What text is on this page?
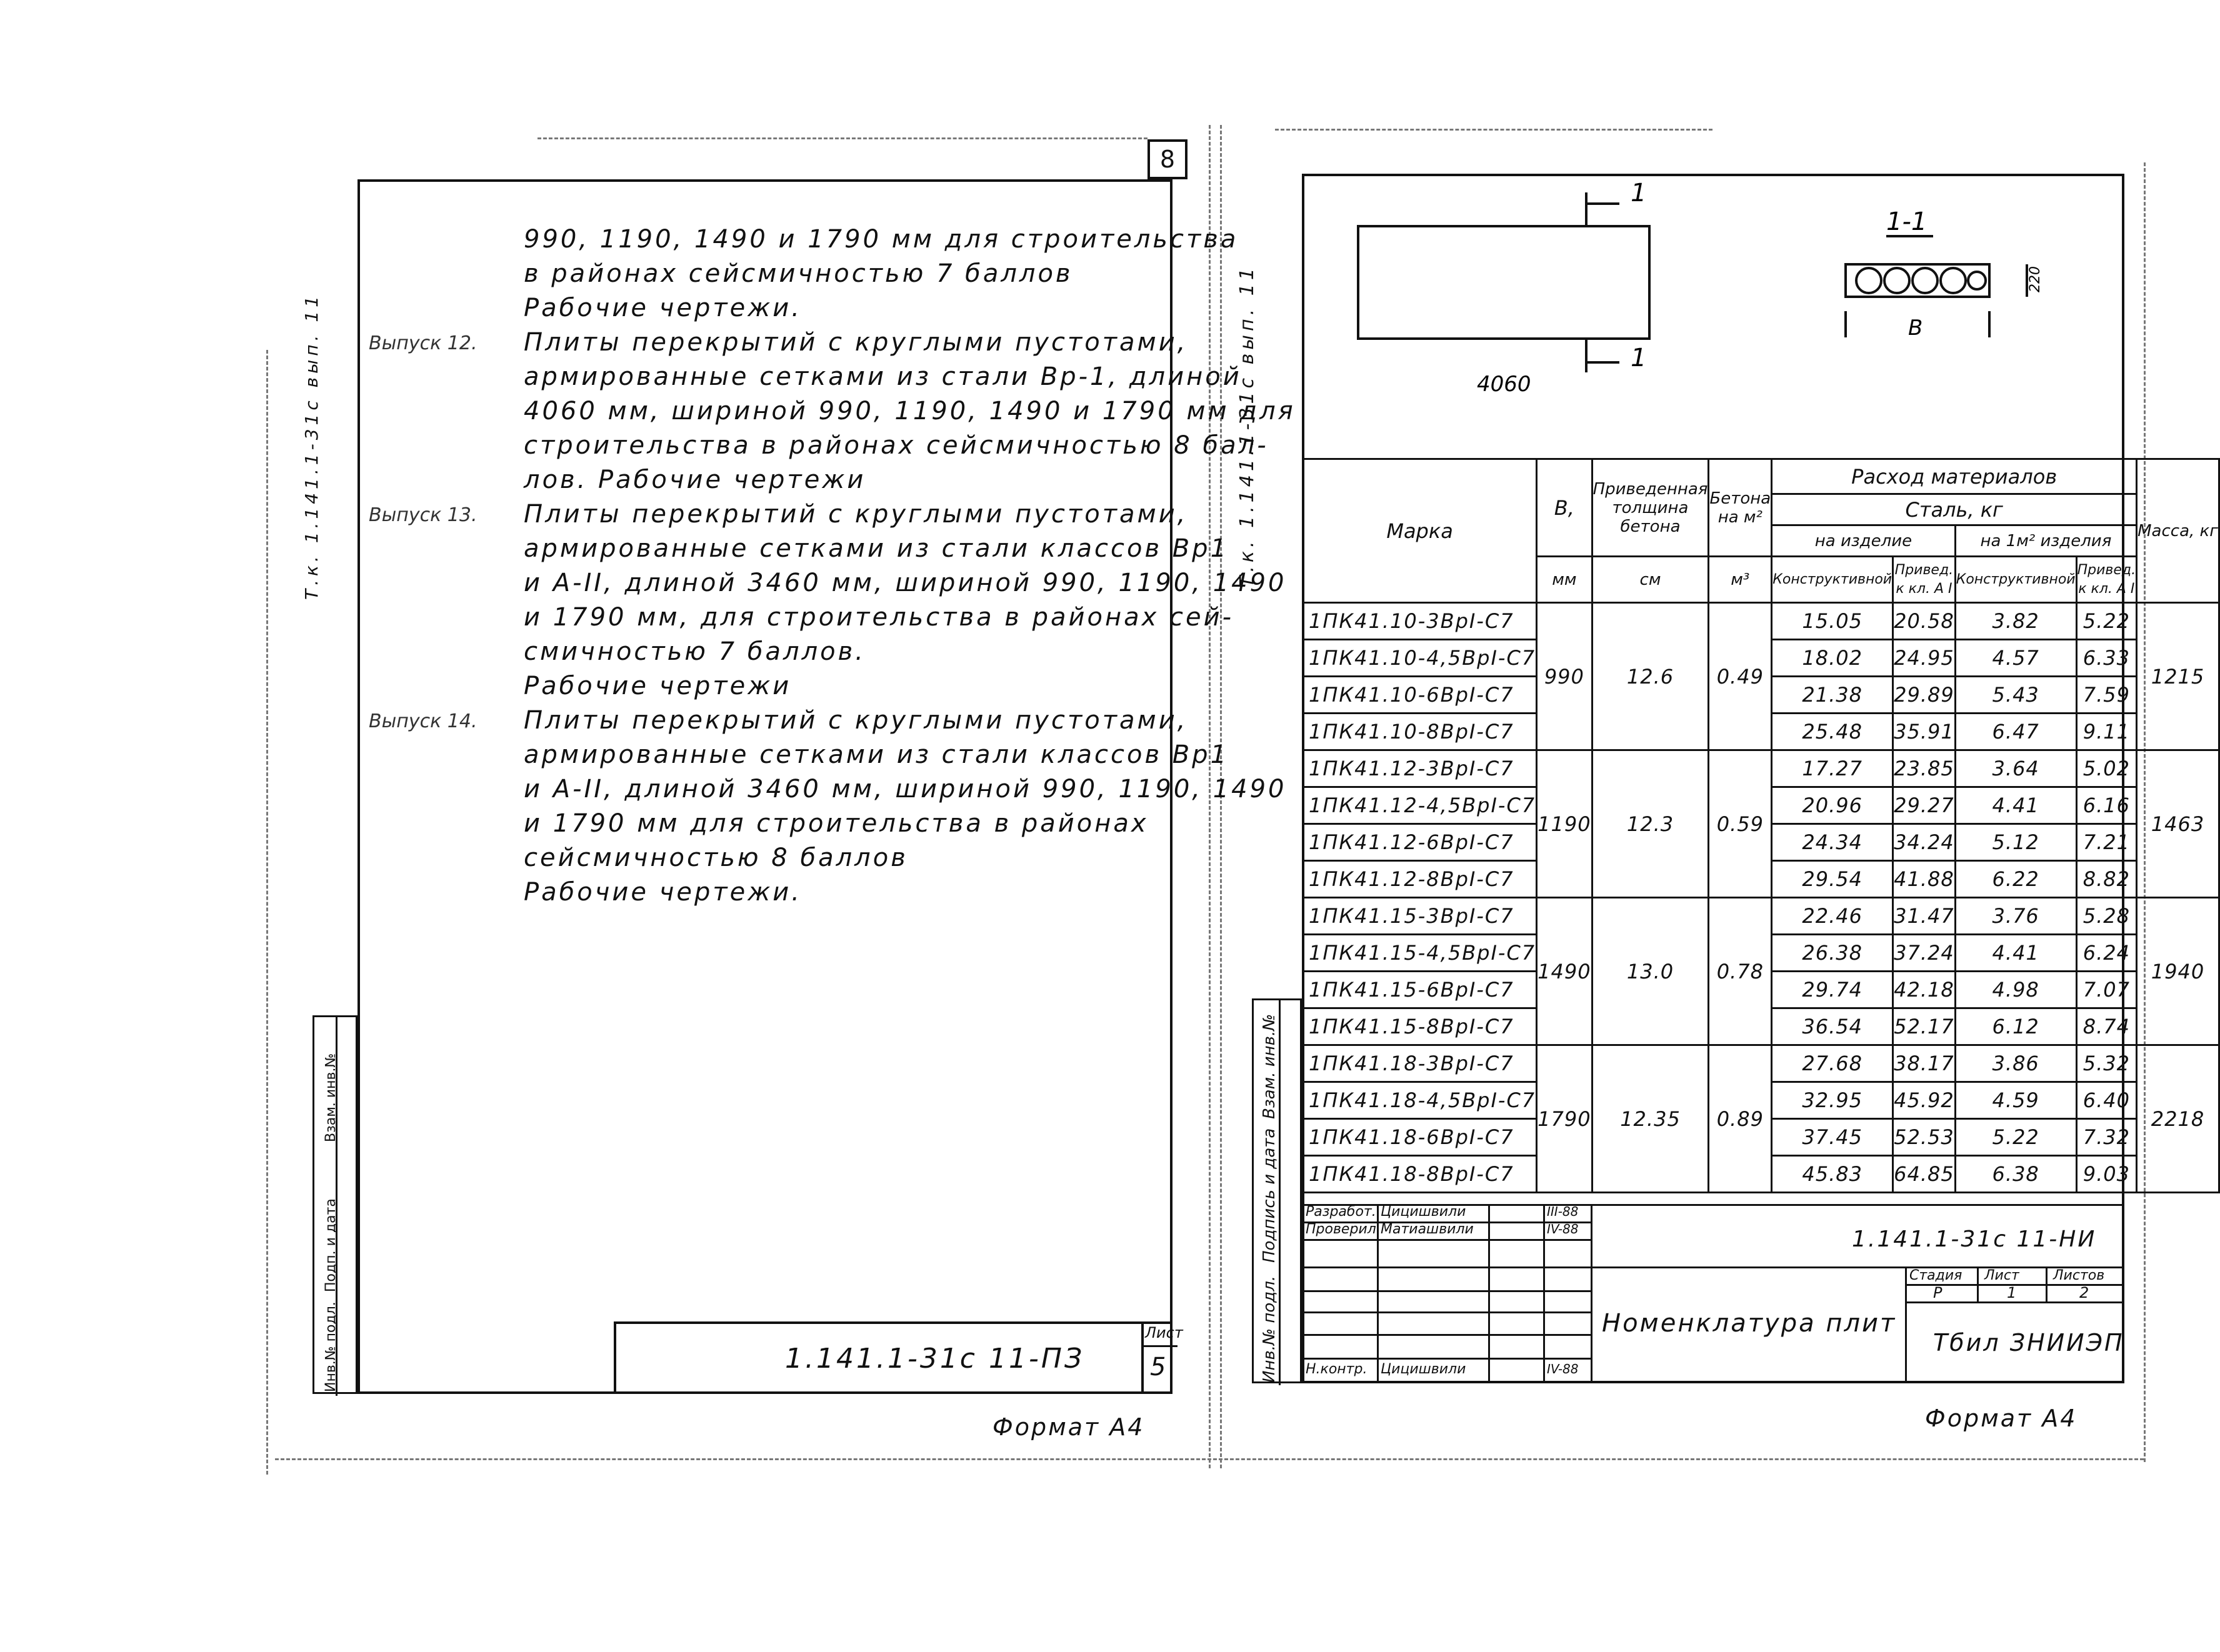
8
Т.к. 1.141.1-31с вып. 11
990, 1190, 1490 и 1790 мм для строительства
в районах сейсмичностью 7 баллов
Рабочие чертежи.
Выпуск 12. Плиты перекрытий с круглыми пустотами,
армированные сетками из стали Вр-1, длиной
4060 мм, шириной 990, 1190, 1490 и 1790 мм для
строительства в районах сейсмичностью 8 бал-
лов. Рабочие чертежи
Выпуск 13. Плиты перекрытий с круглыми пустотами,
армированные сетками из стали классов Вр1
и А-II, длиной 3460 мм, шириной 990, 1190, 1490
и 1790 мм, для строительства в районах сей-
смичностью 7 баллов.
Рабочие чертежи
Выпуск 14. Плиты перекрытий с круглыми пустотами,
армированные сетками из стали классов Вр1
и А-II, длиной 3460 мм, шириной 990, 1190, 1490
и 1790 мм для строительства в районах
сейсмичностью 8 баллов
Рабочие чертежи.
Инв.№ подл.
Подп. и дата
Взам. инв.№
1.141.1-31с 11-ПЗ
Лист
5
Формат А4
Т.к. 1.141.1-31с вып. 11
1
1
4060
1-1
В
220
Марка	В,	Приведенная толщина бетона	Бетона на м²	Расход материалов				Масса, кг
				Сталь, кг				
				на изделие		на 1м² изделия		
	мм	см	м³	Конструктивной	Привед. к кл. А I	Конструктивной	Привед. к кл. А I	
1ПК41.10-3ВрI-С7	990	12.6	0.49	15.05	20.58	3.82	5.22	1215
1ПК41.10-4,5ВрI-С7				18.02	24.95	4.57	6.33	
1ПК41.10-6ВрI-С7				21.38	29.89	5.43	7.59	
1ПК41.10-8ВрI-С7				25.48	35.91	6.47	9.11	
1ПК41.12-3ВрI-С7	1190	12.3	0.59	17.27	23.85	3.64	5.02	1463
1ПК41.12-4,5ВрI-С7				20.96	29.27	4.41	6.16	
1ПК41.12-6ВрI-С7				24.34	34.24	5.12	7.21	
1ПК41.12-8ВрI-С7				29.54	41.88	6.22	8.82	
1ПК41.15-3ВрI-С7	1490	13.0	0.78	22.46	31.47	3.76	5.28	1940
1ПК41.15-4,5ВрI-С7				26.38	37.24	4.41	6.24	
1ПК41.15-6ВрI-С7				29.74	42.18	4.98	7.07	
1ПК41.15-8ВрI-С7				36.54	52.17	6.12	8.74	
1ПК41.18-3ВрI-С7	1790	12.35	0.89	27.68	38.17	3.86	5.32	2218
1ПК41.18-4,5ВрI-С7				32.95	45.92	4.59	6.40	
1ПК41.18-6ВрI-С7				37.45	52.53	5.22	7.32	
1ПК41.18-8ВрI-С7				45.83	64.85	6.38	9.03	
Инв.№ подл.
Подпись и дата
Взам. инв.№
Разработ. Цицишвили	III-88
Проверил Матиашвили	IV-88
Н.контр. Цицишвили	IV-88
1.141.1-31с 11-НИ
Номенклатура плит
Стадия Лист Листов
Р	1	2
Тбил ЗНИИЭП
Формат А4
